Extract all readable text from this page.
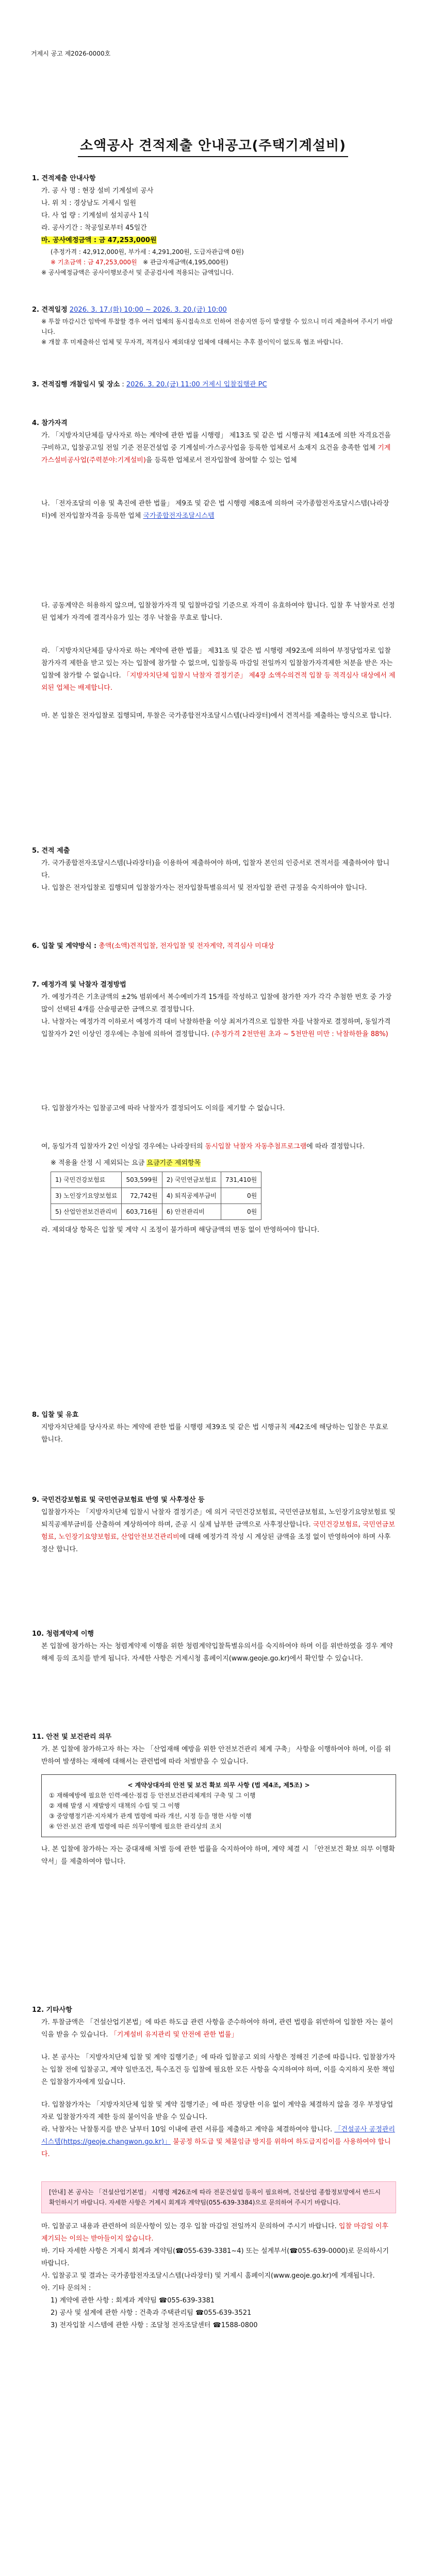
거제시 공고 제2026-0000호
소액공사 견적제출 안내공고(주택기계설비)
1. 견적제출 안내사항
가. 공 사 명 : 현장 설비 기계설비 공사
나. 위 치 : 경상남도 거제시 일원
다. 사 업 량 : 기계설비 설치공사 1식
라. 공사기간 : 착공일로부터 45일간
마. 공사예정금액 : 금 47,253,000원
(추정가격 : 42,912,000원, 부가세 : 4,291,200원, 도급자관급액 0원)
※ 기초금액 : 금 47,253,000원 ※ 관급자재금액(4,195,000원)
※ 공사예정금액은 공사이행보증서 및 준공검사에 적용되는 금액입니다.
2. 견적일정 2026. 3. 17.(화) 10:00 ~ 2026. 3. 20.(금) 10:00
※ 투찰 마감시간 임박에 투찰할 경우 여러 업체의 동시접속으로 인하여 전송지연 등이 발생할 수 있으니 미리 제출하여 주시기 바랍니다.
※ 개찰 후 미제출하신 업체 및 무자격, 적격심사 제외대상 업체에 대해서는 추후 불이익이 없도록 협조 바랍니다.
3. 견적집행 개찰일시 및 장소 : 2026. 3. 20.(금) 11:00 거제시 입찰집행관 PC
4. 참가자격
가. 「지방자치단체를 당사자로 하는 계약에 관한 법률 시행령」 제13조 및 같은 법 시행규칙 제14조에 의한 자격요건을 구비하고, 입찰공고일 전일 기준 전문건설업 중 기계설비·가스공사업을 등록한 업체로서 소재지 요건을 충족한 업체 기계가스설비공사업(주력분야:기계설비)을 등록한 업체로서 전자입찰에 참여할 수 있는 업체
나. 「전자조달의 이용 및 촉진에 관한 법률」 제9조 및 같은 법 시행령 제8조에 의하여 국가종합전자조달시스템(나라장터)에 전자입찰자격을 등록한 업체 국가종합전자조달시스템
다. 공동계약은 허용하지 않으며, 입찰참가자격 및 입찰마감일 기준으로 자격이 유효하여야 합니다. 입찰 후 낙찰자로 선정된 업체가 자격에 결격사유가 있는 경우 낙찰을 무효로 합니다.
라. 「지방자치단체를 당사자로 하는 계약에 관한 법률」 제31조 및 같은 법 시행령 제92조에 의하여 부정당업자로 입찰참가자격 제한을 받고 있는 자는 입찰에 참가할 수 없으며, 입찰등록 마감일 전일까지 입찰참가자격제한 처분을 받은 자는 입찰에 참가할 수 없습니다. 「지방자치단체 입찰시 낙찰자 결정기준」 제4장 소액수의견적 입찰 등 적격심사 대상에서 제외된 업체는 배제합니다.
마. 본 입찰은 전자입찰로 집행되며, 투찰은 국가종합전자조달시스템(나라장터)에서 견적서를 제출하는 방식으로 합니다.
5. 견적 제출
가. 국가종합전자조달시스템(나라장터)을 이용하여 제출하여야 하며, 입찰자 본인의 인증서로 견적서를 제출하여야 합니다.
나. 입찰은 전자입찰로 집행되며 입찰참가자는 전자입찰특별유의서 및 전자입찰 관련 규정을 숙지하여야 합니다.
6. 입찰 및 계약방식 : 총액(소액)견적입찰, 전자입찰 및 전자계약, 적격심사 미대상
7. 예정가격 및 낙찰자 결정방법
가. 예정가격은 기초금액의 ±2% 범위에서 복수예비가격 15개를 작성하고 입찰에 참가한 자가 각각 추첨한 번호 중 가장 많이 선택된 4개를 산술평균한 금액으로 결정합니다.
나. 낙찰자는 예정가격 이하로서 예정가격 대비 낙찰하한율 이상 최저가격으로 입찰한 자를 낙찰자로 결정하며, 동일가격 입찰자가 2인 이상인 경우에는 추첨에 의하여 결정합니다. (추정가격 2천만원 초과 ~ 5천만원 미만 : 낙찰하한율 88%)
다. 입찰참가자는 입찰공고에 따라 낙찰자가 결정되어도 이의를 제기할 수 없습니다.
여, 동일가격 입찰자가 2인 이상일 경우에는 나라장터의 동시입찰 낙찰자 자동추첨프로그램에 따라 결정합니다.
※ 적용율 산정 시 제외되는 요금 요금기준 제외항목
1) 국민건강보험료	503,599원	2) 국민연금보험료	731,410원
3) 노인장기요양보험료	72,742원	4) 퇴직공제부금비	0원
5) 산업안전보건관리비	603,716원	6) 안전관리비	0원
라. 제외대상 항목은 입찰 및 계약 시 조정이 불가하며 해당금액의 변동 없이 반영하여야 합니다.
8. 입찰 및 유효
지방자치단체를 당사자로 하는 계약에 관한 법률 시행령 제39조 및 같은 법 시행규칙 제42조에 해당하는 입찰은 무효로 합니다.
9. 국민건강보험료 및 국민연금보험료 반영 및 사후정산 등
입찰참가자는 「지방자치단체 입찰시 낙찰자 결정기준」에 의거 국민건강보험료, 국민연금보험료, 노인장기요양보험료 및 퇴직공제부금비를 산출하여 계상하여야 하며, 준공 시 실제 납부한 금액으로 사후정산합니다. 국민건강보험료, 국민연금보험료, 노인장기요양보험료, 산업안전보건관리비에 대해 예정가격 작성 시 계상된 금액을 조정 없이 반영하여야 하며 사후정산 합니다.
10. 청렴계약제 이행
본 입찰에 참가하는 자는 청렴계약제 이행을 위한 청렴계약입찰특별유의서를 숙지하여야 하며 이를 위반하였을 경우 계약해제 등의 조치를 받게 됩니다. 자세한 사항은 거제시청 홈페이지(www.geoje.go.kr)에서 확인할 수 있습니다.
11. 안전 및 보건관리 의무
가. 본 입찰에 참가하고자 하는 자는 「산업재해 예방을 위한 안전보건관리 체계 구축」 사항을 이행하여야 하며, 이를 위반하여 발생하는 재해에 대해서는 관련법에 따라 처벌받을 수 있습니다.
< 계약상대자의 안전 및 보건 확보 의무 사항 (법 제4조, 제5조) >
① 재해예방에 필요한 인력·예산·점검 등 안전보건관리체계의 구축 및 그 이행
② 재해 발생 시 재발방지 대책의 수립 및 그 이행
③ 중앙행정기관·지자체가 관계 법령에 따라 개선, 시정 등을 명한 사항 이행
④ 안전·보건 관계 법령에 따른 의무이행에 필요한 관리상의 조치
나. 본 입찰에 참가하는 자는 중대재해 처벌 등에 관한 법률을 숙지하여야 하며, 계약 체결 시 「안전보건 확보 의무 이행확약서」를 제출하여야 합니다.
12. 기타사항
가. 투찰금액은 「건설산업기본법」에 따른 하도급 관련 사항을 준수하여야 하며, 관련 법령을 위반하여 입찰한 자는 불이익을 받을 수 있습니다. 「기계설비 유지관리 및 안전에 관한 법률」
나. 본 공사는 「지방자치단체 입찰 및 계약 집행기준」에 따라 입찰공고 외의 사항은 정해진 기준에 따릅니다. 입찰참가자는 입찰 전에 입찰공고, 계약 일반조건, 특수조건 등 입찰에 필요한 모든 사항을 숙지하여야 하며, 이를 숙지하지 못한 책임은 입찰참가자에게 있습니다.
다. 입찰참가자는 「지방자치단체 입찰 및 계약 집행기준」에 따른 정당한 이유 없이 계약을 체결하지 않을 경우 부정당업자로 입찰참가자격 제한 등의 불이익을 받을 수 있습니다.
라. 낙찰자는 낙찰통지를 받은 날부터 10일 이내에 관련 서류를 제출하고 계약을 체결하여야 합니다. 「건설공사 공정관리시스템(https://geoje.changwon.go.kr)」 불공정 하도급 및 체불임금 방지를 위하여 하도급지킴이를 사용하여야 합니다.
[안내] 본 공사는 「건설산업기본법」 시행령 제26조에 따라 전문건설업 등록이 필요하며, 건설산업 종합정보망에서 반드시 확인하시기 바랍니다. 자세한 사항은 거제시 회계과 계약팀(055-639-3384)으로 문의하여 주시기 바랍니다.
마. 입찰공고 내용과 관련하여 의문사항이 있는 경우 입찰 마감일 전일까지 문의하여 주시기 바랍니다. 입찰 마감일 이후 제기되는 이의는 받아들이지 않습니다.
바. 기타 자세한 사항은 거제시 회계과 계약팀(☎055-639-3381~4) 또는 설계부서(☎055-639-0000)로 문의하시기 바랍니다.
사. 입찰공고 및 결과는 국가종합전자조달시스템(나라장터) 및 거제시 홈페이지(www.geoje.go.kr)에 게재됩니다.
아. 기타 문의처 :
1) 계약에 관한 사항 : 회계과 계약팀 ☎055-639-3381
2) 공사 및 설계에 관한 사항 : 건축과 주택관리팀 ☎055-639-3521
3) 전자입찰 시스템에 관한 사항 : 조달청 전자조달센터 ☎1588-0800
